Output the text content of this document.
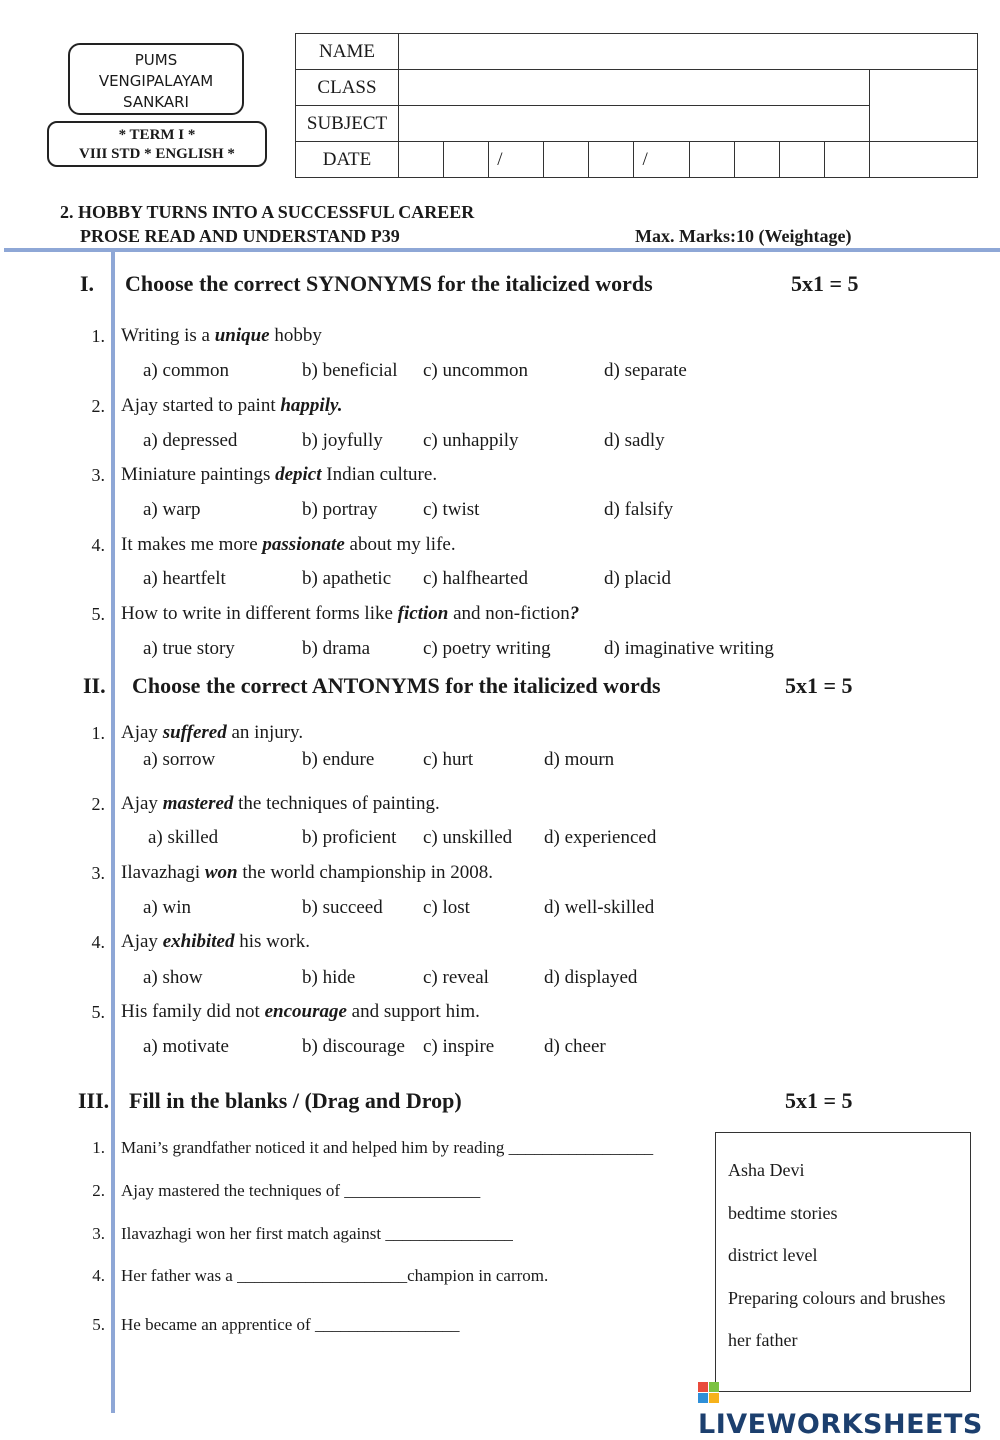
PUMS
VENGIPALAYAM
SANKARI
* TERM I *
VIII STD * ENGLISH *
NAME											
CLASS											
SUBJECT											
DATE			/			/					
2. HOBBY TURNS INTO A SUCCESSFUL CAREER
PROSE READ AND UNDERSTAND P39	Max. Marks:10 (Weightage)
I. Choose the correct SYNONYMS for the italicized words	5x1 = 5
1. Writing is a unique hobby
a) common	b) beneficial c) uncommon	d) separate
2. Ajay started to paint happily.
a) depressed	b) joyfully c) unhappily	d) sadly
3. Miniature paintings depict Indian culture.
a) warp	b) portray c) twist	d) falsify
4. It makes me more passionate about my life.
a) heartfelt	b) apathetic c) halfhearted	d) placid
5. How to write in different forms like fiction and non-fiction?
a) true story	b) drama	c) poetry writing	d) imaginative writing
II. Choose the correct ANTONYMS for the italicized words	5x1 = 5
1. Ajay suffered an injury.
a) sorrow	b) endure	c) hurt	d) mourn
2. Ajay mastered the techniques of painting.
a) skilled	b) proficient c) unskilled d) experienced
3. Ilavazhagi won the world championship in 2008.
a) win	b) succeed c) lost	d) well-skilled
4. Ajay exhibited his work.
a) show	b) hide	c) reveal	d) displayed
5. His family did not encourage and support him.
a) motivate	b) discourage c) inspire	d) cheer
III. Fill in the blanks / (Drag and Drop)	5x1 = 5
1. Mani’s grandfather noticed it and helped him by reading _________________
2. Ajay mastered the techniques of ________________
3. Ilavazhagi won her first match against _______________
4. Her father was a ____________________champion in carrom.
5. He became an apprentice of _________________
Asha Devi
bedtime stories
district level
Preparing colours and brushes
her father
LIVEWORKSHEETS
